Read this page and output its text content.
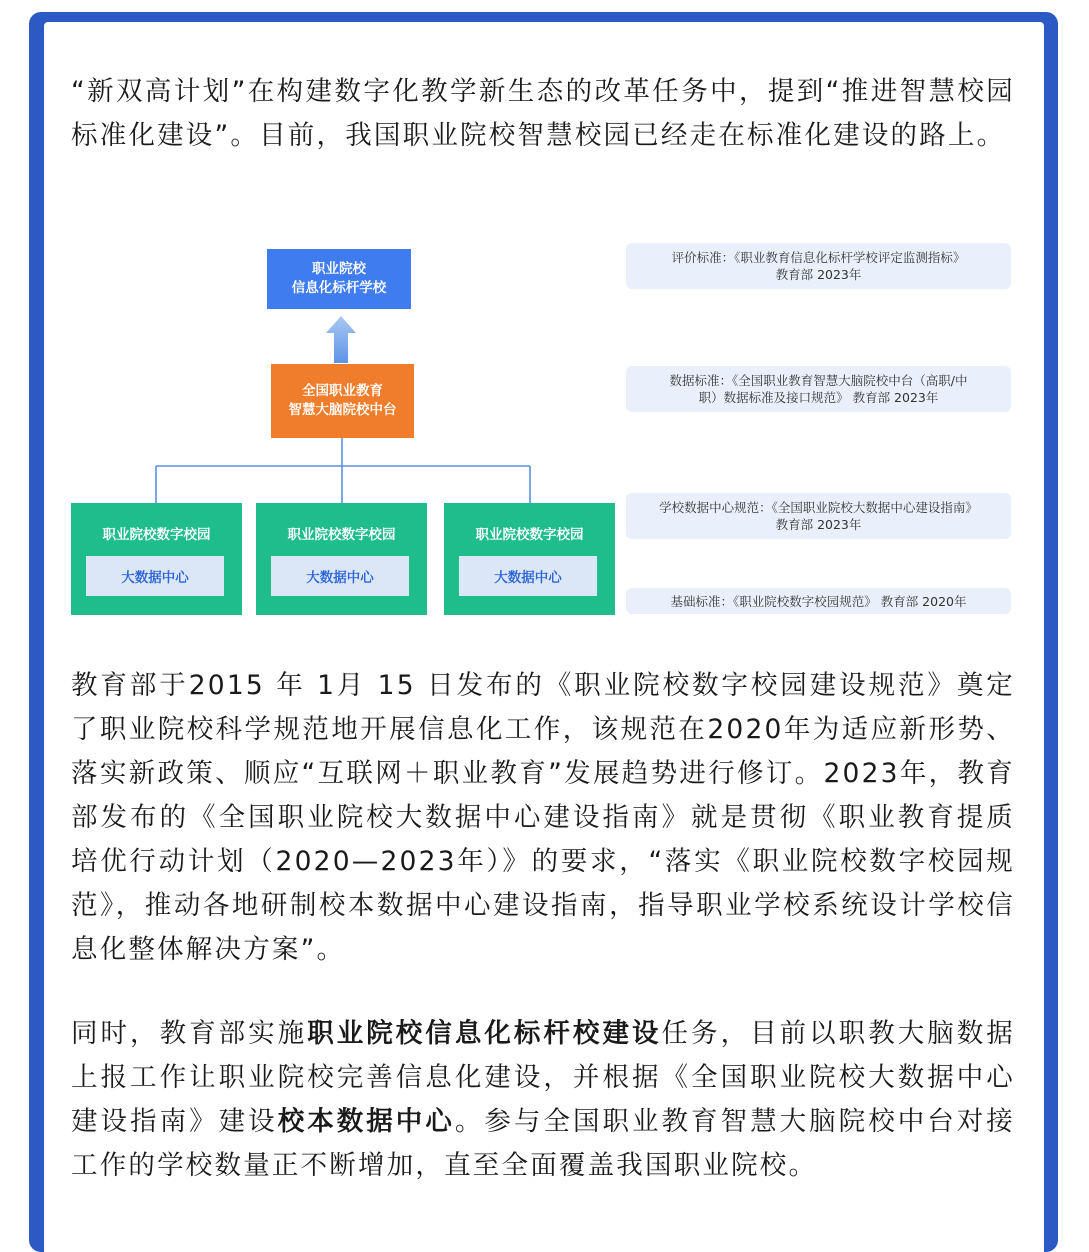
“新双高计划”在构建数字化教学新生态的改革任务中，提到“推进智慧校园标准化建设”。目前，我国职业院校智慧校园已经走在标准化建设的路上。

职业院校
信息化标杆学校
全国职业教育
智慧大脑院校中台
职业院校数字校园
大数据中心
职业院校数字校园
大数据中心
职业院校数字校园
大数据中心
评价标准：《职业教育信息化标杆学校评定监测指标》
教育部 2023年
数据标准：《全国职业教育智慧大脑院校中台（高职/中
职）数据标准及接口规范》 教育部 2023年
学校数据中心规范：《全国职业院校大数据中心建设指南》
教育部 2023年
基础标准：《职业院校数字校园规范》 教育部 2020年

教育部于2015 年 1月 15 日发布的《职业院校数字校园建设规范》奠定了职业院校科学规范地开展信息化工作，该规范在2020年为适应新形势、落实新政策、顺应“互联网＋职业教育”发展趋势进行修订。2023年，教育部发布的《全国职业院校大数据中心建设指南》就是贯彻《职业教育提质培优行动计划（2020—2023年）》的要求，“落实《职业院校数字校园规范》，推动各地研制校本数据中心建设指南，指导职业学校系统设计学校信息化整体解决方案”。

同时，教育部实施职业院校信息化标杆校建设任务，目前以职教大脑数据上报工作让职业院校完善信息化建设，并根据《全国职业院校大数据中心建设指南》建设校本数据中心。参与全国职业教育智慧大脑院校中台对接工作的学校数量正不断增加，直至全面覆盖我国职业院校。
